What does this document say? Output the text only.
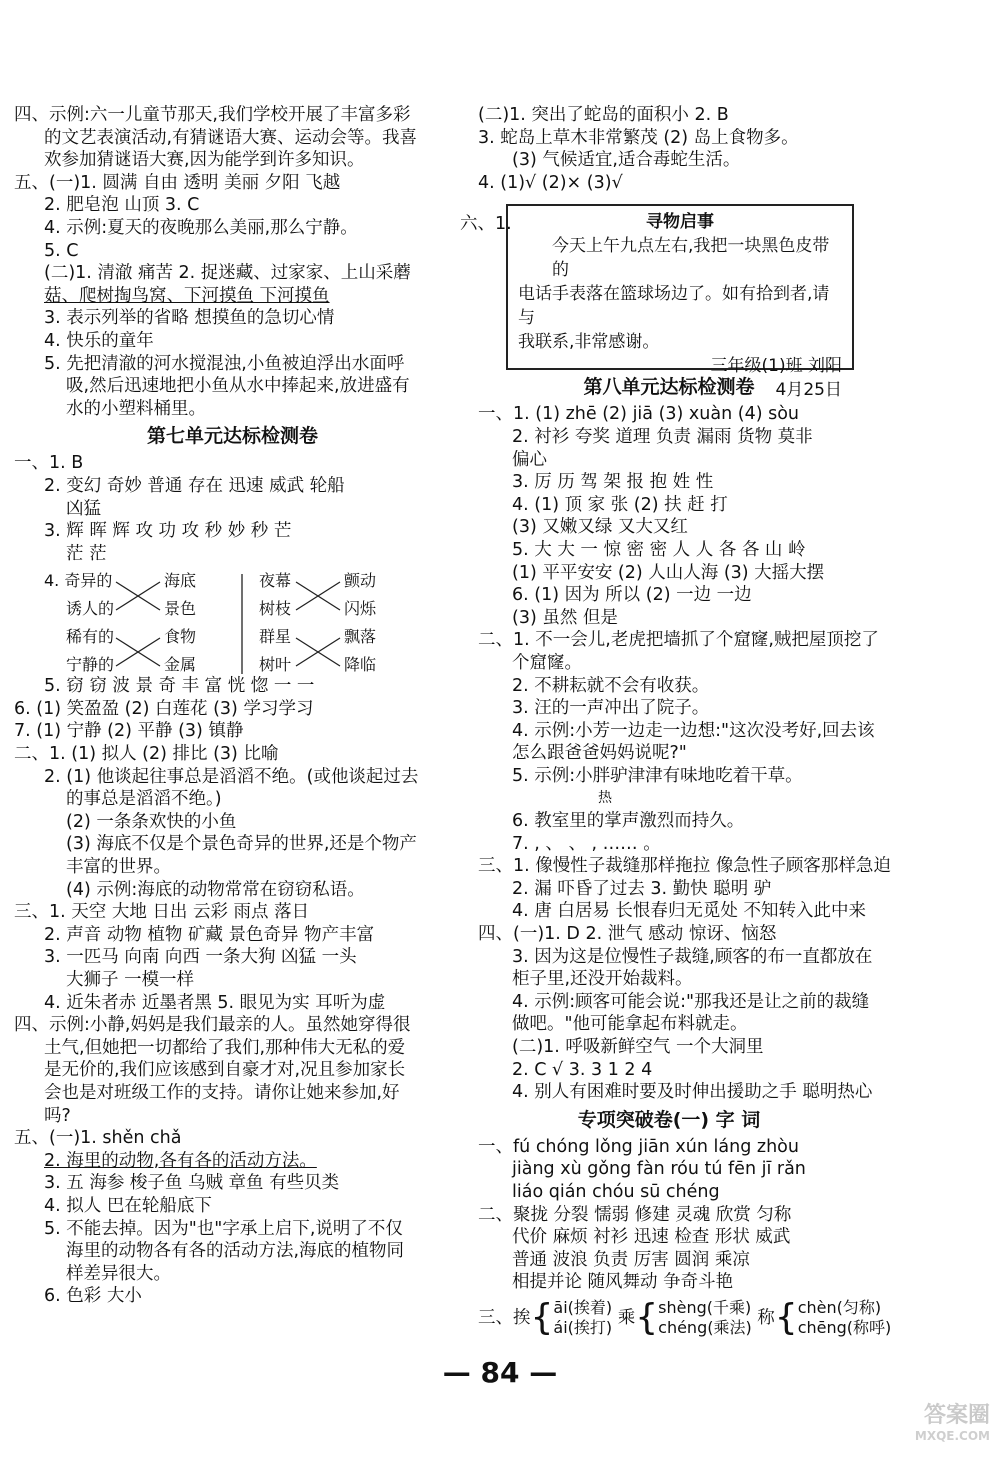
四、示例:六一儿童节那天,我们学校开展了丰富多彩
的文艺表演活动,有猜谜语大赛、运动会等。我喜
欢参加猜谜语大赛,因为能学到许多知识。
五、(一)1. 圆满 自由 透明 美丽 夕阳 飞越
2. 肥皂泡 山顶 3. C
4. 示例:夏天的夜晚那么美丽,那么宁静。
5. C
(二)1. 清澈 痛苦 2. 捉迷藏、过家家、上山采蘑
菇、爬树掏鸟窝、下河摸鱼 下河摸鱼
3. 表示列举的省略 想摸鱼的急切心情
4. 快乐的童年
5. 先把清澈的河水搅混浊,小鱼被迫浮出水面呼
吸,然后迅速地把小鱼从水中捧起来,放进盛有
水的小塑料桶里。
第七单元达标检测卷
一、1. B
2. 变幻 奇妙 普通 存在 迅速 威武 轮船
凶猛
3. 辉 晖 辉 攻 功 攻 秒 妙 秒 芒
茫 茫
5. 窃 窃 波 景 奇 丰 富 恍 惚 一 一
6. (1) 笑盈盈 (2) 白莲花 (3) 学习学习
7. (1) 宁静 (2) 平静 (3) 镇静
二、1. (1) 拟人 (2) 排比 (3) 比喻
2. (1) 他谈起往事总是滔滔不绝。(或他谈起过去
的事总是滔滔不绝。)
(2) 一条条欢快的小鱼
(3) 海底不仅是个景色奇异的世界,还是个物产
丰富的世界。
(4) 示例:海底的动物常常在窃窃私语。
三、1. 天空 大地 日出 云彩 雨点 落日
2. 声音 动物 植物 矿藏 景色奇异 物产丰富
3. 一匹马 向南 向西 一条大狗 凶猛 一头
大狮子 一模一样
4. 近朱者赤 近墨者黑 5. 眼见为实 耳听为虚
四、示例:小静,妈妈是我们最亲的人。虽然她穿得很
土气,但她把一切都给了我们,那种伟大无私的爱
是无价的,我们应该感到自豪才对,况且参加家长
会也是对班级工作的支持。请你让她来参加,好
吗?
五、(一)1. shěn chǎ
2. 海里的动物,各有各的活动方法。
3. 五 海参 梭子鱼 乌贼 章鱼 有些贝类
4. 拟人 巴在轮船底下
5. 不能去掉。因为"也"字承上启下,说明了不仅
海里的动物各有各的活动方法,海底的植物同
样差异很大。
6. 色彩 大小
4. 奇异的
诱人的
稀有的
宁静的
海底
景色
食物
金属
夜幕
树枝
群星
树叶
颤动
闪烁
飘落
降临
(二)1. 突出了蛇岛的面积小 2. B
3. 蛇岛上草木非常繁茂 (2) 岛上食物多。
(3) 气候适宜,适合毒蛇生活。
4. (1)√ (2)× (3)√
第八单元达标检测卷
一、1. (1) zhē (2) jiā (3) xuàn (4) sòu
2. 衬衫 夸奖 道理 负责 漏雨 货物 莫非
偏心
3. 厉 历 驾 架 报 抱 姓 性
4. (1) 顶 家 张 (2) 扶 赶 打
(3) 又嫩又绿 又大又红
5. 大 大 一 惊 密 密 人 人 各 各 山 岭
(1) 平平安安 (2) 人山人海 (3) 大摇大摆
6. (1) 因为 所以 (2) 一边 一边
(3) 虽然 但是
二、1. 不一会儿,老虎把墙抓了个窟窿,贼把屋顶挖了
个窟窿。
2. 不耕耘就不会有收获。
3. 汪的一声冲出了院子。
4. 示例:小芳一边走一边想:"这次没考好,回去该
怎么跟爸爸妈妈说呢?"
5. 示例:小胖驴津津有味地吃着干草。
热
6. 教室里的掌声激烈而持久。
7. , 、 、 , …… 。
三、1. 像慢性子裁缝那样拖拉 像急性子顾客那样急迫
2. 漏 吓昏了过去 3. 勤快 聪明 驴
4. 唐 白居易 长恨春归无觅处 不知转入此中来
四、(一)1. D 2. 泄气 感动 惊讶、恼怒
3. 因为这是位慢性子裁缝,顾客的布一直都放在
柜子里,还没开始裁料。
4. 示例:顾客可能会说:"那我还是让之前的裁缝
做吧。"他可能拿起布料就走。
(二)1. 呼吸新鲜空气 一个大洞里
2. C √ 3. 3 1 2 4
4. 别人有困难时要及时伸出援助之手 聪明热心
专项突破卷(一) 字 词
一、fú chóng lǒng jiān xún láng zhòu
jiàng xù gǒng fàn róu tú fēn jī rǎn
liáo qián chóu sū chéng
二、聚拢 分裂 懦弱 修建 灵魂 欣赏 匀称
代价 麻烦 衬衫 迅速 检查 形状 威武
普通 波浪 负责 厉害 圆润 乘凉
相提并论 随风舞动 争奇斗艳
三、挨{āi(挨着)
ái(挨打) 乘{shèng(千乘)
chéng(乘法) 称{chèn(匀称)
chēng(称呼)
六、1.	寻物启事
今天上午九点左右,我把一块黑色皮带的
电话手表落在篮球场边了。如有拾到者,请与
我联系,非常感谢。
三年级(1)班 刘阳
4月25日
— 84 —
答案圈
MXQE.COM
